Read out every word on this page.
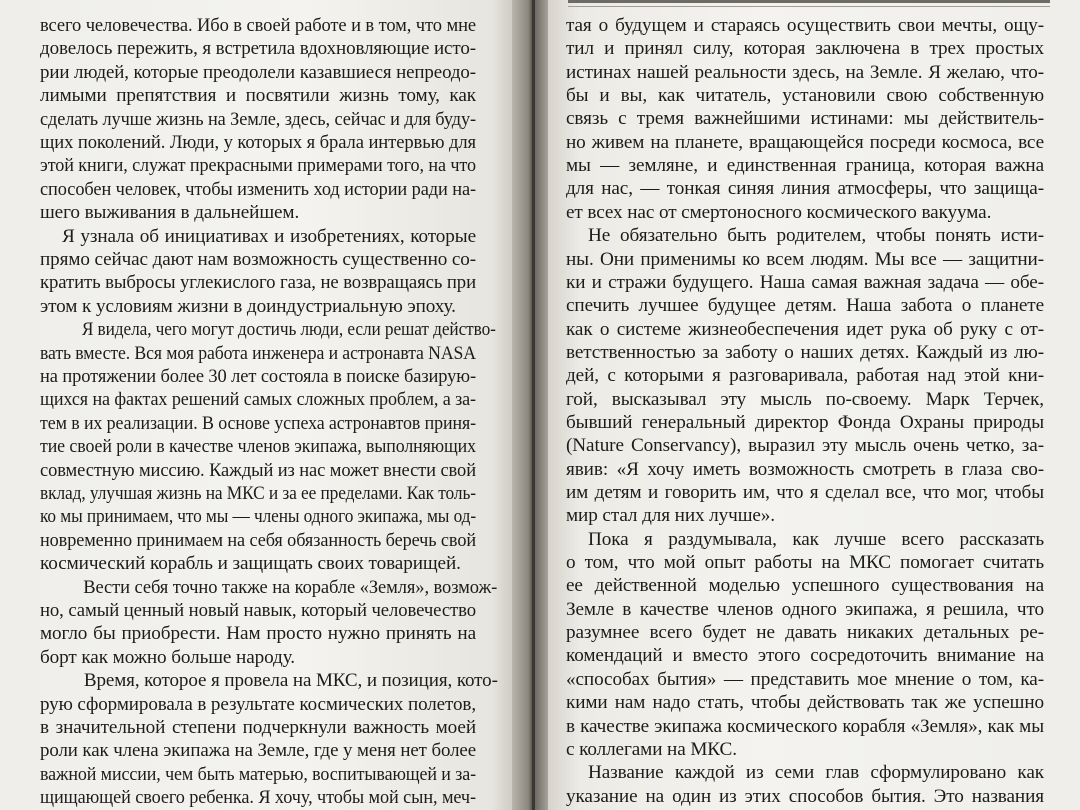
всего человечества. Ибо в своей работе и в том, что мне
довелось пережить, я встретила вдохновляющие исто-
рии людей, которые преодолели казавшиеся непреодо-
лимыми препятствия и посвятили жизнь тому, как
сделать лучше жизнь на Земле, здесь, сейчас и для буду-
щих поколений. Люди, у которых я брала интервью для
этой книги, служат прекрасными примерами того, на что
способен человек, чтобы изменить ход истории ради на-
шего выживания в дальнейшем.
Я узнала об инициативах и изобретениях, которые
прямо сейчас дают нам возможность существенно со-
кратить выбросы углекислого газа, не возвращаясь при
этом к условиям жизни в доиндустриальную эпоху.
Я видела, чего могут достичь люди, если решат действо-
вать вместе. Вся моя работа инженера и астронавта NASA
на протяжении более 30 лет состояла в поиске базирую-
щихся на фактах решений самых сложных проблем, а за-
тем в их реализации. В основе успеха астронавтов приня-
тие своей роли в качестве членов экипажа, выполняющих
совместную миссию. Каждый из нас может внести свой
вклад, улучшая жизнь на МКС и за ее пределами. Как толь-
ко мы принимаем, что мы — члены одного экипажа, мы од-
новременно принимаем на себя обязанность беречь свой
космический корабль и защищать своих товарищей.
Вести себя точно также на корабле «Земля», возмож-
но, самый ценный новый навык, который человечество
могло бы приобрести. Нам просто нужно принять на
борт как можно больше народу.
Время, которое я провела на МКС, и позиция, кото-
рую сформировала в результате космических полетов,
в значительной степени подчеркнули важность моей
роли как члена экипажа на Земле, где у меня нет более
важной миссии, чем быть матерью, воспитывающей и за-
щищающей своего ребенка. Я хочу, чтобы мой сын, меч-
тая о будущем и стараясь осуществить свои мечты, ощу-
тил и принял силу, которая заключена в трех простых
истинах нашей реальности здесь, на Земле. Я желаю, что-
бы и вы, как читатель, установили свою собственную
связь с тремя важнейшими истинами: мы действитель-
но живем на планете, вращающейся посреди космоса, все
мы — земляне, и единственная граница, которая важна
для нас, — тонкая синяя линия атмосферы, что защища-
ет всех нас от смертоносного космического вакуума.
Не обязательно быть родителем, чтобы понять исти-
ны. Они применимы ко всем людям. Мы все — защитни-
ки и стражи будущего. Наша самая важная задача — обе-
спечить лучшее будущее детям. Наша забота о планете
как о системе жизнеобеспечения идет рука об руку с от-
ветственностью за заботу о наших детях. Каждый из лю-
дей, с которыми я разговаривала, работая над этой кни-
гой, высказывал эту мысль по-своему. Марк Терчек,
бывший генеральный директор Фонда Охраны природы
(Nature Conservancy), выразил эту мысль очень четко, за-
явив: «Я хочу иметь возможность смотреть в глаза сво-
им детям и говорить им, что я сделал все, что мог, чтобы
мир стал для них лучше».
Пока я раздумывала, как лучше всего рассказать
о том, что мой опыт работы на МКС помогает считать
ее действенной моделью успешного существования на
Земле в качестве членов одного экипажа, я решила, что
разумнее всего будет не давать никаких детальных ре-
комендаций и вместо этого сосредоточить внимание на
«способах бытия» — представить мое мнение о том, ка-
кими нам надо стать, чтобы действовать так же успешно
в качестве экипажа космического корабля «Земля», как мы
с коллегами на МКС.
Название каждой из семи глав сформулировано как
указание на один из этих способов бытия. Это названия
